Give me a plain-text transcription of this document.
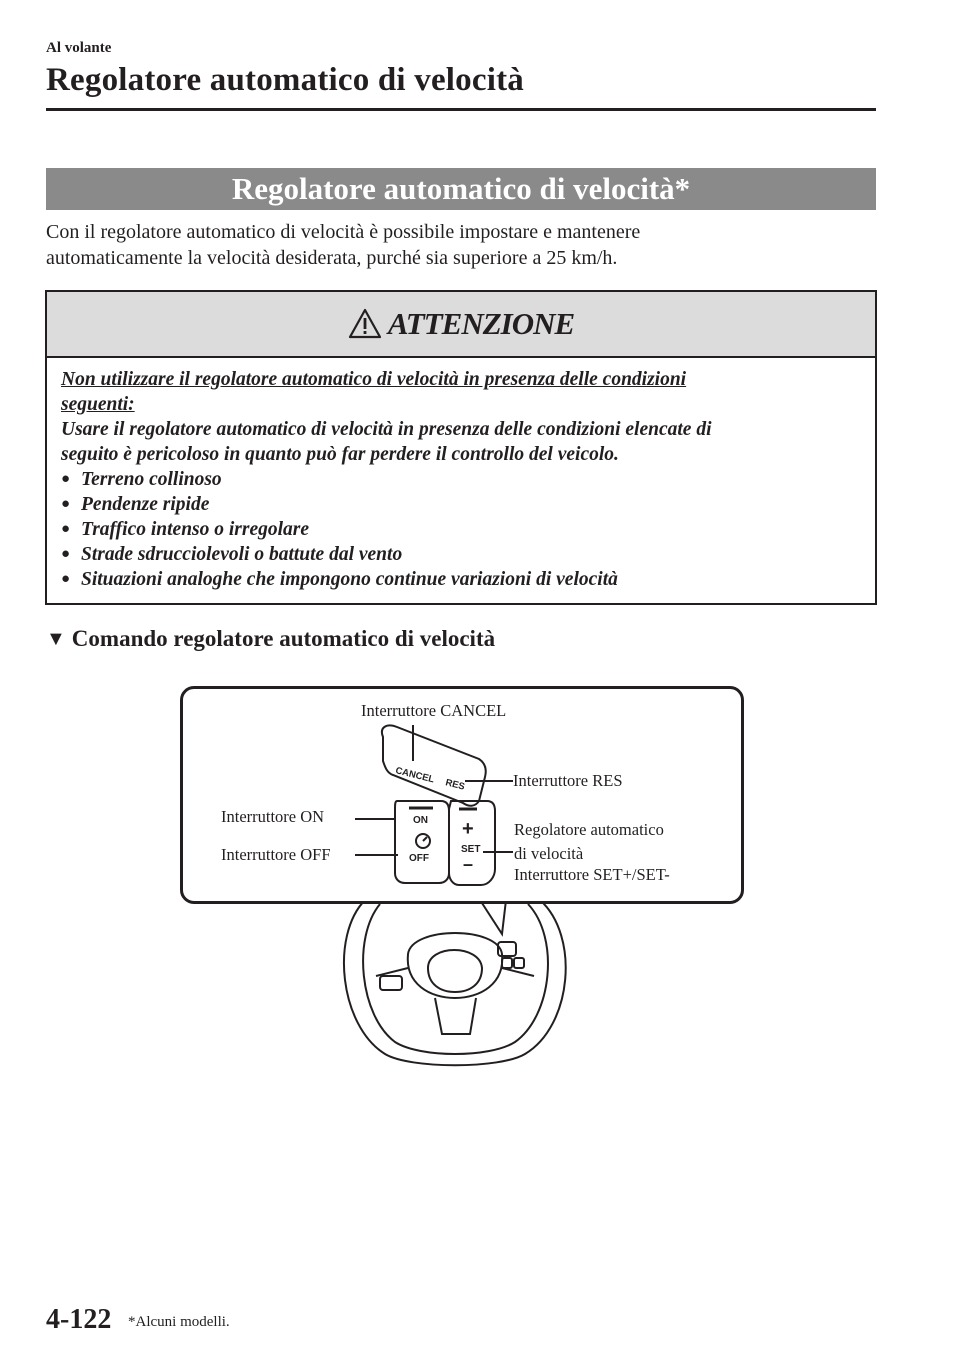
Al volante
Regolatore automatico di velocità
Regolatore automatico di velocità*
Con il regolatore automatico di velocità è possibile impostare e mantenere
automaticamente la velocità desiderata, purché sia superiore a 25 km/h.
ATTENZIONE
Non utilizzare il regolatore automatico di velocità in presenza delle condizioni
seguenti:
Usare il regolatore automatico di velocità in presenza delle condizioni elencate di
seguito è pericoloso in quanto può far perdere il controllo del veicolo.
● Terreno collinoso
● Pendenze ripide
● Traffico intenso o irregolare
● Strade sdrucciolevoli o battute dal vento
● Situazioni analoghe che impongono continue variazioni di velocità
▼ Comando regolatore automatico di velocità
CANCEL RES
ON
OFF
+
SET
–
Interruttore CANCEL
Interruttore RES
Interruttore ON
Interruttore OFF
Regolatore automatico
di velocità
Interruttore SET+/SET-
4-122 *Alcuni modelli.
